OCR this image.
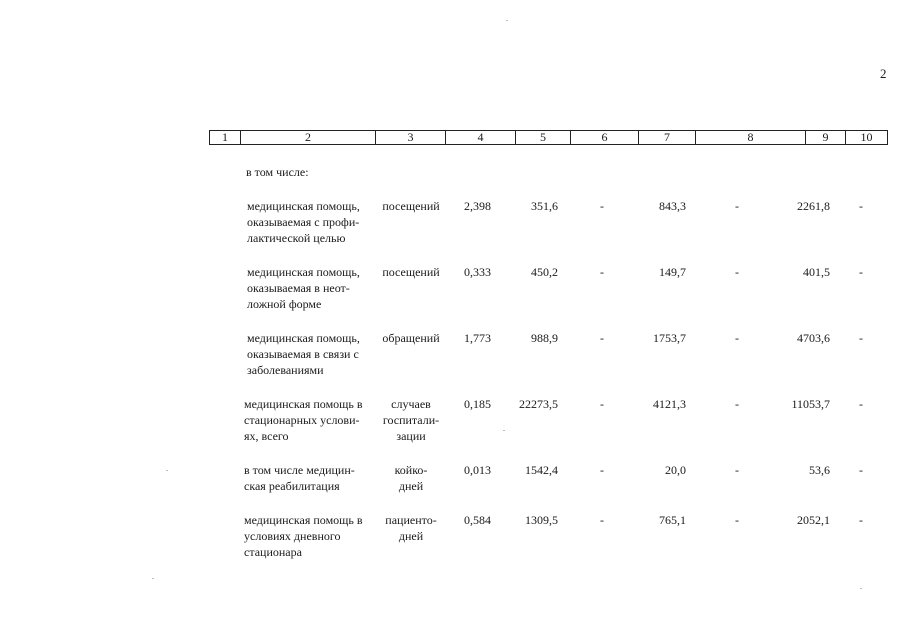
2
1	2	3	4	5	6	7	8	9	10
в том числе:
медицинская помощь,
оказываемая с профи-
лактической целью
посещений	2,398	351,6	-	843,3	-	2261,8	-
медицинская помощь,
оказываемая в неот-
ложной форме
посещений	0,333	450,2	-	149,7	-	401,5	-
медицинская помощь,
оказываемая в связи с
заболеваниями
обращений	1,773	988,9	-	1753,7	-	4703,6	-
медицинская помощь в
стационарных услови-
ях, всего
случаев
госпитали-
зации
0,185	22273,5	-	4121,3	-	11053,7	-
в том числе медицин-
ская реабилитация
койко-
дней
0,013	1542,4	-	20,0	-	53,6	-
медицинская помощь в
условиях дневного
стационара
пациенто-
дней
0,584	1309,5	-	765,1	-	2052,1	-
